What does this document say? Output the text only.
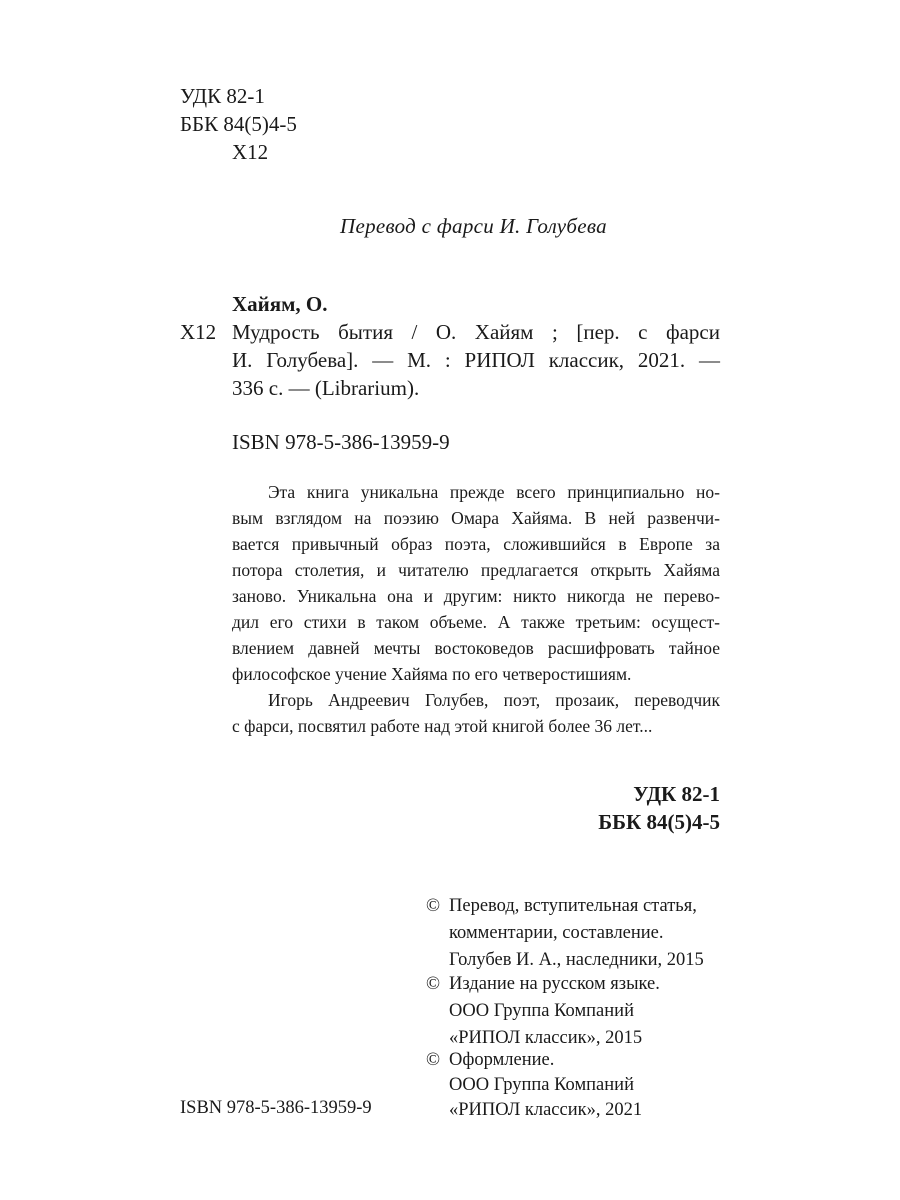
УДК 82-1
ББК 84(5)4-5
Х12
Перевод с фарси И. Голубева
Хайям, О.
Х12 Мудрость бытия / О. Хайям ; [пер. с фарси
И. Голубева]. — М. : РИПОЛ классик, 2021. —
336 с. — (Librarium).
ISBN 978-5-386-13959-9
Эта книга уникальна прежде всего принципиально но-
вым взглядом на поэзию Омара Хайяма. В ней развенчи-
вается привычный образ поэта, сложившийся в Европе за
потора столетия, и читателю предлагается открыть Хайяма
заново. Уникальна она и другим: никто никогда не перево-
дил его стихи в таком объеме. А также третьим: осущест-
влением давней мечты востоковедов расшифровать тайное
философское учение Хайяма по его четверостишиям.
Игорь Андреевич Голубев, поэт, прозаик, переводчик
с фарси, посвятил работе над этой книгой более 36 лет...
УДК 82-1
ББК 84(5)4-5
© Перевод, вступительная статья,
комментарии, составление.
Голубев И. А., наследники, 2015
© Издание на русском языке.
ООО Группа Компаний
«РИПОЛ классик», 2015
© Оформление.
ООО Группа Компаний
«РИПОЛ классик», 2021
ISBN 978-5-386-13959-9
